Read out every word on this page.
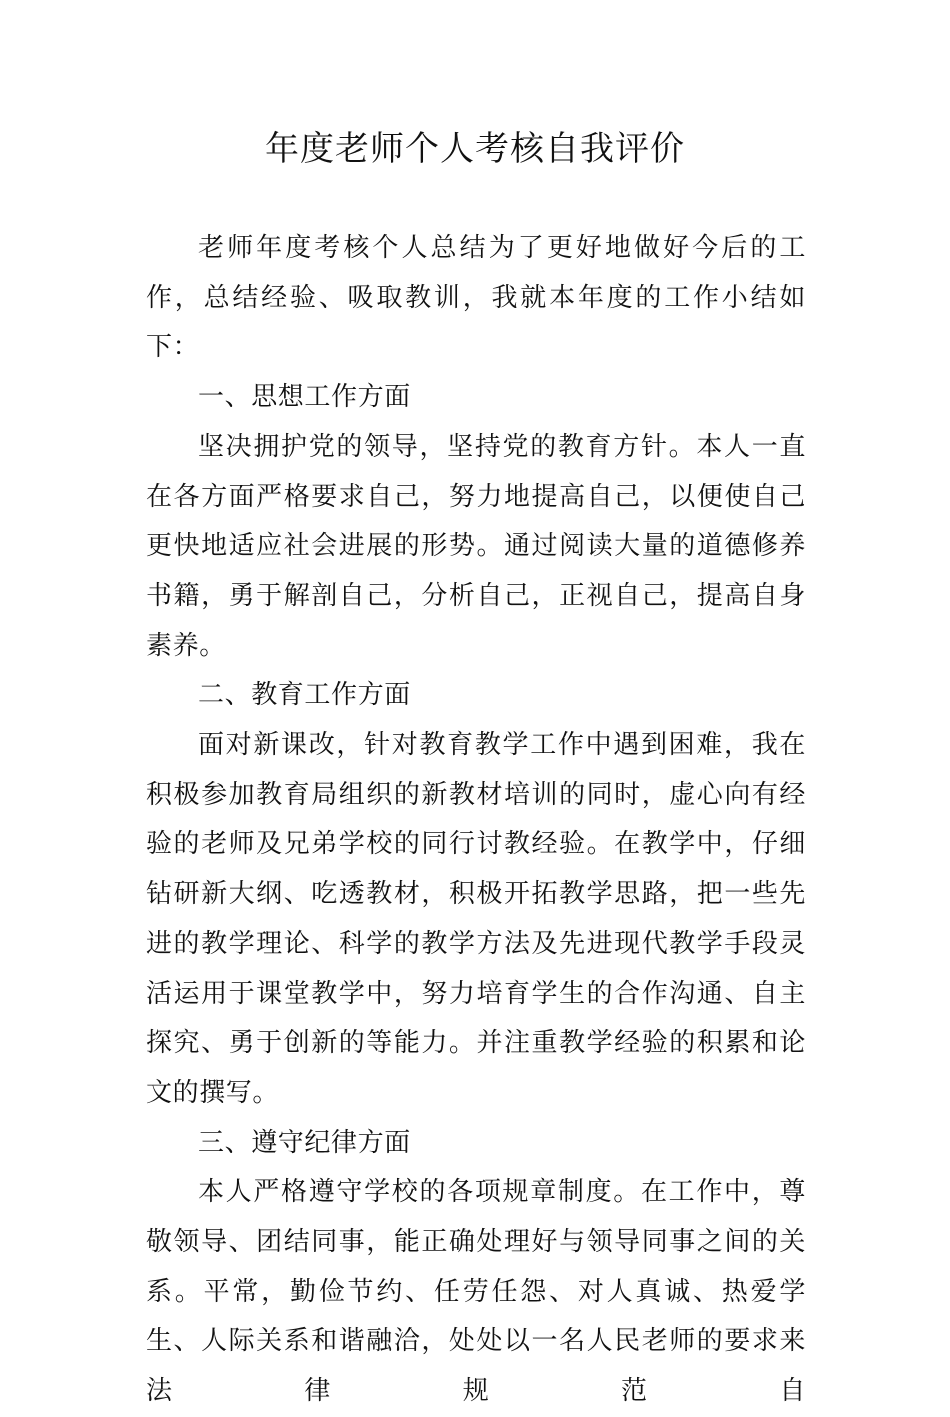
年度老师个人考核自我评价

老师年度考核个人总结为了更好地做好今后的工作，总结经验、吸取教训，我就本年度的工作小结如下：

一、思想工作方面

坚决拥护党的领导，坚持党的教育方针。本人一直在各方面严格要求自己，努力地提高自己，以便使自己更快地适应社会进展的形势。通过阅读大量的道德修养书籍，勇于解剖自己，分析自己，正视自己，提高自身素养。

二、教育工作方面

面对新课改，针对教育教学工作中遇到困难，我在积极参加教育局组织的新教材培训的同时，虚心向有经验的老师及兄弟学校的同行讨教经验。在教学中，仔细钻研新大纲、吃透教材，积极开拓教学思路，把一些先进的教学理论、科学的教学方法及先进现代教学手段灵活运用于课堂教学中，努力培育学生的合作沟通、自主 探究、勇于创新的等能力。并注重教学经验的积累和论文的撰写。

三、遵守纪律方面

本人严格遵守学校的各项规章制度。在工作中，尊敬领导、团结同事，能正确处理好与领导同事之间的关系。平常，勤俭节约、任劳任怨、对人真诚、热爱学生、人际关系和谐融洽，处处以一名人民老师的要求来法律规范自
